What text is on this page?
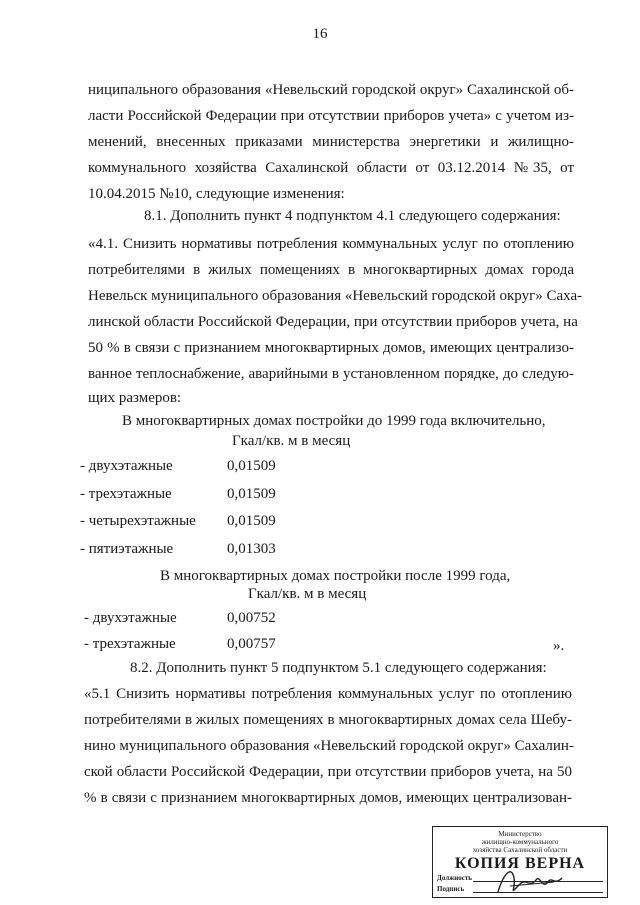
16
ниципального образования «Невельский городской округ» Сахалинской об-
ласти Российской Федерации при отсутствии приборов учета» с учетом из-
менений, внесенных приказами министерства энергетики и жилищно-
коммунального хозяйства Сахалинской области от 03.12.2014 №35, от
10.04.2015 №10, следующие изменения:
8.1. Дополнить пункт 4 подпунктом 4.1 следующего содержания:
«4.1. Снизить нормативы потребления коммунальных услуг по отоплению
потребителями в жилых помещениях в многоквартирных домах города
Невельск муниципального образования «Невельский городской округ» Саха-
линской области Российской Федерации, при отсутствии приборов учета, на
50 % в связи с признанием многоквартирных домов, имеющих централизо-
ванное теплоснабжение, аварийными в установленном порядке, до следую-
щих размеров:
В многоквартирных домах постройки до 1999 года включительно,
Гкал/кв. м в месяц
- двухэтажные	0,01509
- трехэтажные	0,01509
- четырехэтажные 0,01509
- пятиэтажные	0,01303
В многоквартирных домах постройки после 1999 года,
Гкал/кв. м в месяц
- двухэтажные	0,00752
- трехэтажные	0,00757	».
8.2. Дополнить пункт 5 подпунктом 5.1 следующего содержания:
«5.1 Снизить нормативы потребления коммунальных услуг по отоплению
потребителями в жилых помещениях в многоквартирных домах села Шебу-
нино муниципального образования «Невельский городской округ» Сахалин-
ской области Российской Федерации, при отсутствии приборов учета, на 50
% в связи с признанием многоквартирных домов, имеющих централизован-
Министерство
жилищно-коммунального
хозяйства Сахалинской области
КОПИЯ ВЕРНА
Должность
Подпись
